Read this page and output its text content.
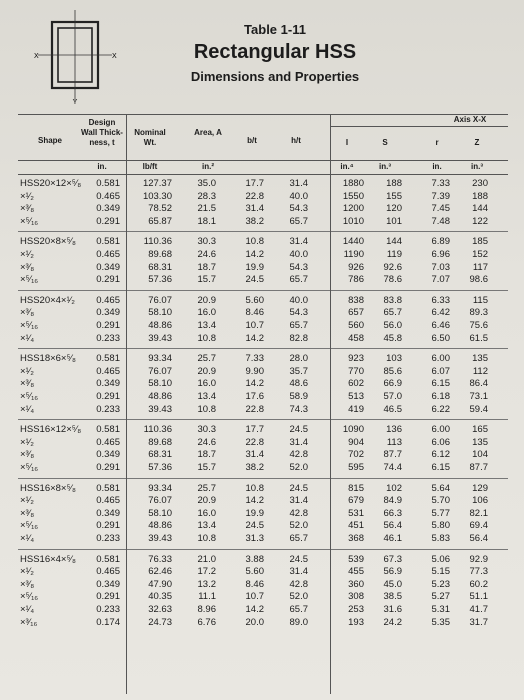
Y
X	X
Table 1-11
Rectangular HSS
Dimensions and Properties
Shape
Design Wall Thick-ness, t
Nominal Wt.
Area, A
b/t	h/t
Axis X-X
I	S	r	Z
in.	lb/ft	in.²	in.⁴	in.³	in.	in.³
HSS20×12×⁵⁄₈	0.581	127.37	35.0	17.7	31.4	1880	188	7.33	230
×¹⁄₂	0.465	103.30	28.3	22.8	40.0	1550	155	7.39	188
×³⁄₈	0.349	78.52	21.5	31.4	54.3	1200	120	7.45	144
×⁵⁄₁₆	0.291	65.87	18.1	38.2	65.7	1010	101	7.48	122
HSS20×8×⁵⁄₈	0.581	110.36	30.3	10.8	31.4	1440	144	6.89	185
×¹⁄₂	0.465	89.68	24.6	14.2	40.0	1190	119	6.96	152
×³⁄₈	0.349	68.31	18.7	19.9	54.3	926	92.6	7.03	117
×⁵⁄₁₆	0.291	57.36	15.7	24.5	65.7	786	78.6	7.07	98.6
HSS20×4×¹⁄₂	0.465	76.07	20.9	5.60	40.0	838	83.8	6.33	115
×³⁄₈	0.349	58.10	16.0	8.46	54.3	657	65.7	6.42	89.3
×⁵⁄₁₆	0.291	48.86	13.4	10.7	65.7	560	56.0	6.46	75.6
×¹⁄₄	0.233	39.43	10.8	14.2	82.8	458	45.8	6.50	61.5
HSS18×6×⁵⁄₈	0.581	93.34	25.7	7.33	28.0	923	103	6.00	135
×¹⁄₂	0.465	76.07	20.9	9.90	35.7	770	85.6	6.07	112
×³⁄₈	0.349	58.10	16.0	14.2	48.6	602	66.9	6.15	86.4
×⁵⁄₁₆	0.291	48.86	13.4	17.6	58.9	513	57.0	6.18	73.1
×¹⁄₄	0.233	39.43	10.8	22.8	74.3	419	46.5	6.22	59.4
HSS16×12×⁵⁄₈	0.581	110.36	30.3	17.7	24.5	1090	136	6.00	165
×¹⁄₂	0.465	89.68	24.6	22.8	31.4	904	113	6.06	135
×³⁄₈	0.349	68.31	18.7	31.4	42.8	702	87.7	6.12	104
×⁵⁄₁₆	0.291	57.36	15.7	38.2	52.0	595	74.4	6.15	87.7
HSS16×8×⁵⁄₈	0.581	93.34	25.7	10.8	24.5	815	102	5.64	129
×¹⁄₂	0.465	76.07	20.9	14.2	31.4	679	84.9	5.70	106
×³⁄₈	0.349	58.10	16.0	19.9	42.8	531	66.3	5.77	82.1
×⁵⁄₁₆	0.291	48.86	13.4	24.5	52.0	451	56.4	5.80	69.4
×¹⁄₄	0.233	39.43	10.8	31.3	65.7	368	46.1	5.83	56.4
HSS16×4×⁵⁄₈	0.581	76.33	21.0	3.88	24.5	539	67.3	5.06	92.9
×¹⁄₂	0.465	62.46	17.2	5.60	31.4	455	56.9	5.15	77.3
×³⁄₈	0.349	47.90	13.2	8.46	42.8	360	45.0	5.23	60.2
×⁵⁄₁₆	0.291	40.35	11.1	10.7	52.0	308	38.5	5.27	51.1
×¹⁄₄	0.233	32.63	8.96	14.2	65.7	253	31.6	5.31	41.7
×³⁄₁₆	0.174	24.73	6.76	20.0	89.0	193	24.2	5.35	31.7
